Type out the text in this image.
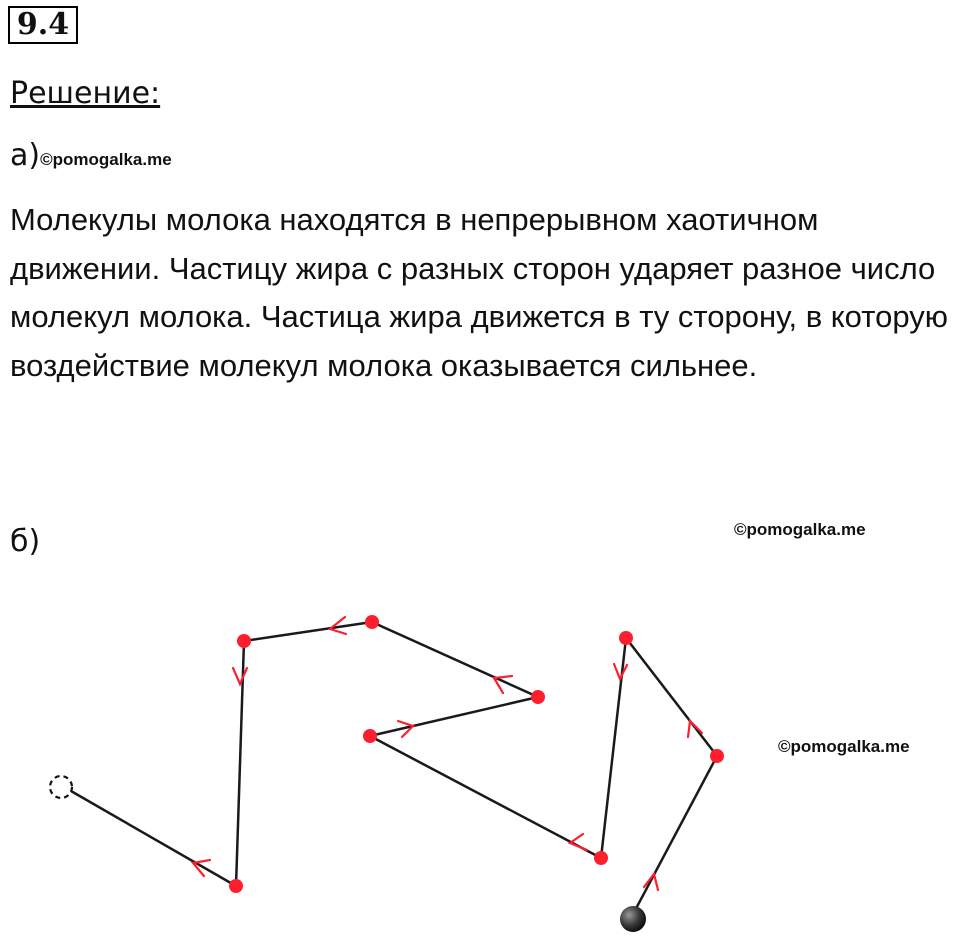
9.4
Решение:
а)©pomogalka.me
Молекулы молока находятся в непрерывном хаотичном движении. Частицу жира с разных сторон ударяет разное число молекул молока. Частица жира движется в ту сторону, в которую воздействие молекул молока оказывается сильнее.
б)	©pomogalka.me
©pomogalka.me
